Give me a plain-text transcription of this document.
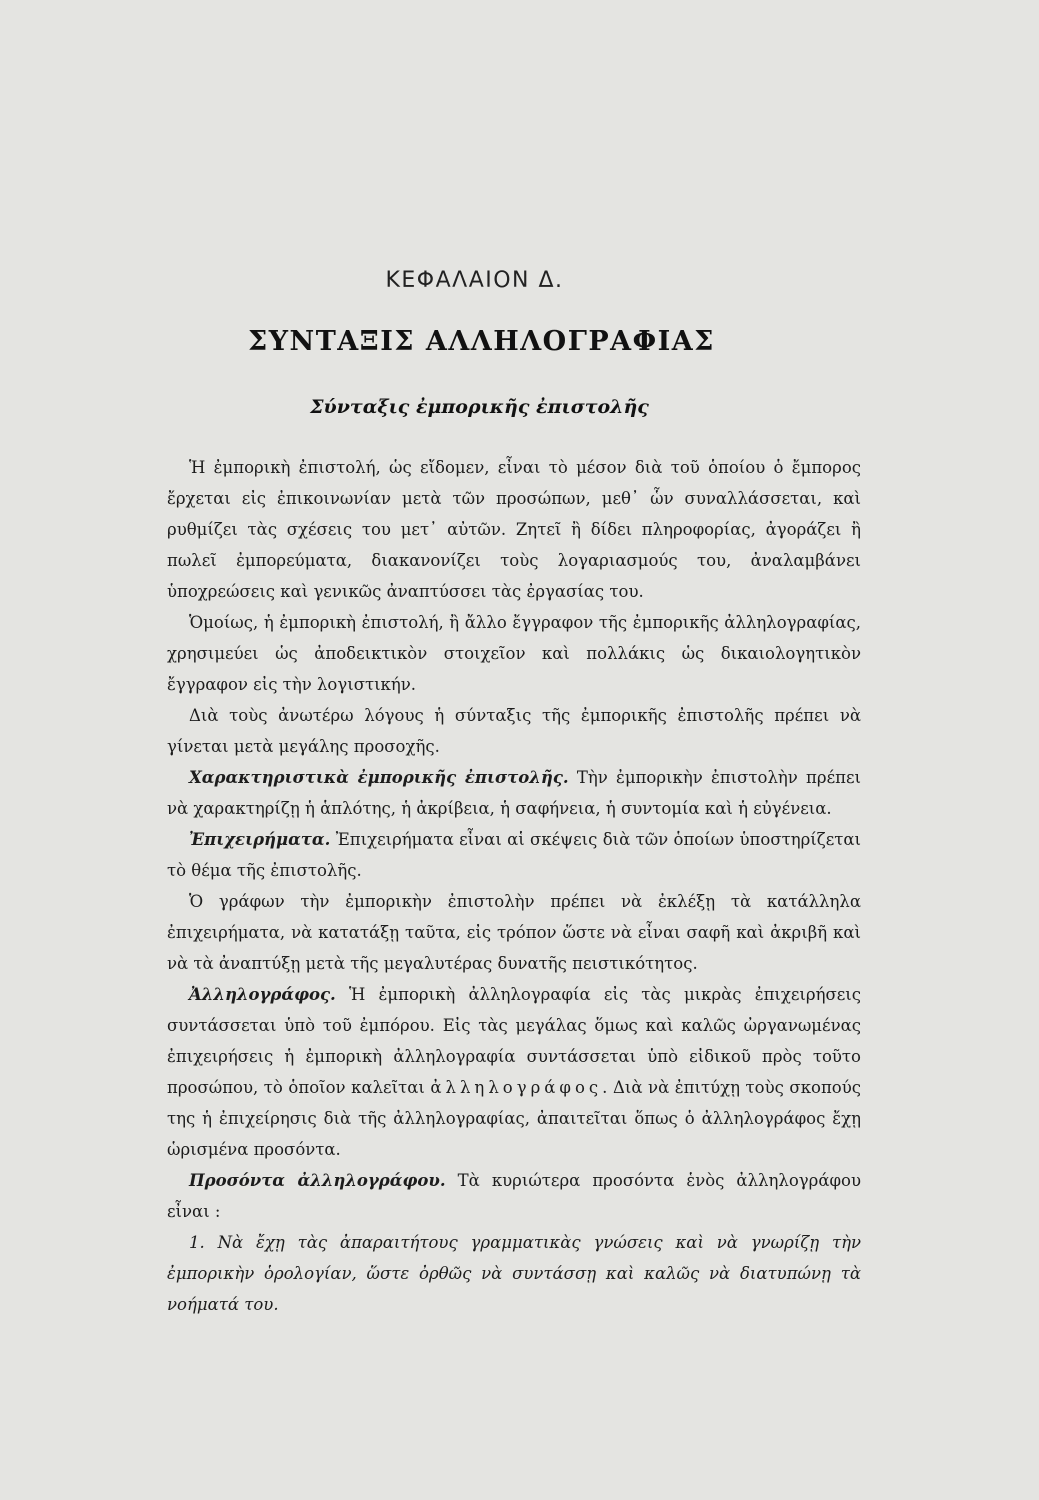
ΚΕΦΑΛΑΙΟΝ Δ.
ΣΥΝΤΑΞΙΣ ΑΛΛΗΛΟΓΡΑΦΙΑΣ
Σύνταξις ἐμπορικῆς ἐπιστολῆς

Ἡ ἐμπορικὴ ἐπιστολή, ὡς εἴδομεν, εἶναι τὸ μέσον διὰ τοῦ ὁποίου ὁ ἔμπορος ἔρχεται εἰς ἐπικοινωνίαν μετὰ τῶν προσώπων, μεθ᾽ ὧν συναλλάσσεται, καὶ ρυθμίζει τὰς σχέσεις του μετ᾽ αὐτῶν. Ζητεῖ ἢ δίδει πληροφορίας, ἀγοράζει ἢ πωλεῖ ἐμπορεύματα, διακανονίζει τοὺς λογαριασμούς του, ἀναλαμβάνει ὑποχρεώσεις καὶ γενικῶς ἀναπτύσσει τὰς ἐργασίας του.

Ὁμοίως, ἡ ἐμπορικὴ ἐπιστολή, ἢ ἄλλο ἔγγραφον τῆς ἐμπορικῆς ἀλληλογραφίας, χρησιμεύει ὡς ἀποδεικτικὸν στοιχεῖον καὶ πολλάκις ὡς δικαιολογητικὸν ἔγγραφον εἰς τὴν λογιστικήν.

Διὰ τοὺς ἀνωτέρω λόγους ἡ σύνταξις τῆς ἐμπορικῆς ἐπιστολῆς πρέπει νὰ γίνεται μετὰ μεγάλης προσοχῆς.

Χαρακτηριστικὰ ἐμπορικῆς ἐπιστολῆς. Τὴν ἐμπορικὴν ἐπιστολὴν πρέπει νὰ χαρακτηρίζῃ ἡ ἁπλότης, ἡ ἀκρίβεια, ἡ σαφήνεια, ἡ συντομία καὶ ἡ εὐγένεια.

Ἐπιχειρήματα. Ἐπιχειρήματα εἶναι αἱ σκέψεις διὰ τῶν ὁποίων ὑποστηρίζεται τὸ θέμα τῆς ἐπιστολῆς.

Ὁ γράφων τὴν ἐμπορικὴν ἐπιστολὴν πρέπει νὰ ἐκλέξῃ τὰ κατάλληλα ἐπιχειρήματα, νὰ κατατάξῃ ταῦτα, εἰς τρόπον ὥστε νὰ εἶναι σαφῆ καὶ ἀκριβῆ καὶ νὰ τὰ ἀναπτύξῃ μετὰ τῆς μεγαλυτέρας δυνατῆς πειστικότητος.

Ἀλληλογράφος. Ἡ ἐμπορικὴ ἀλληλογραφία εἰς τὰς μικρὰς ἐπιχειρήσεις συντάσσεται ὑπὸ τοῦ ἐμπόρου. Εἰς τὰς μεγάλας ὅμως καὶ καλῶς ὠργανωμένας ἐπιχειρήσεις ἡ ἐμπορικὴ ἀλληλογραφία συντάσσεται ὑπὸ εἰδικοῦ πρὸς τοῦτο προσώπου, τὸ ὁποῖον καλεῖται ἀλληλογράφος. Διὰ νὰ ἐπιτύχῃ τοὺς σκοπούς της ἡ ἐπιχείρησις διὰ τῆς ἀλληλογραφίας, ἀπαιτεῖται ὅπως ὁ ἀλληλογράφος ἔχῃ ὡρισμένα προσόντα.

Προσόντα ἀλληλογράφου. Τὰ κυριώτερα προσόντα ἑνὸς ἀλληλογράφου εἶναι :

1. Νὰ ἔχῃ τὰς ἀπαραιτήτους γραμματικὰς γνώσεις καὶ νὰ γνωρίζῃ τὴν ἐμπορικὴν ὁρολογίαν, ὥστε ὀρθῶς νὰ συντάσσῃ καὶ καλῶς νὰ διατυπώνῃ τὰ νοήματά του.
